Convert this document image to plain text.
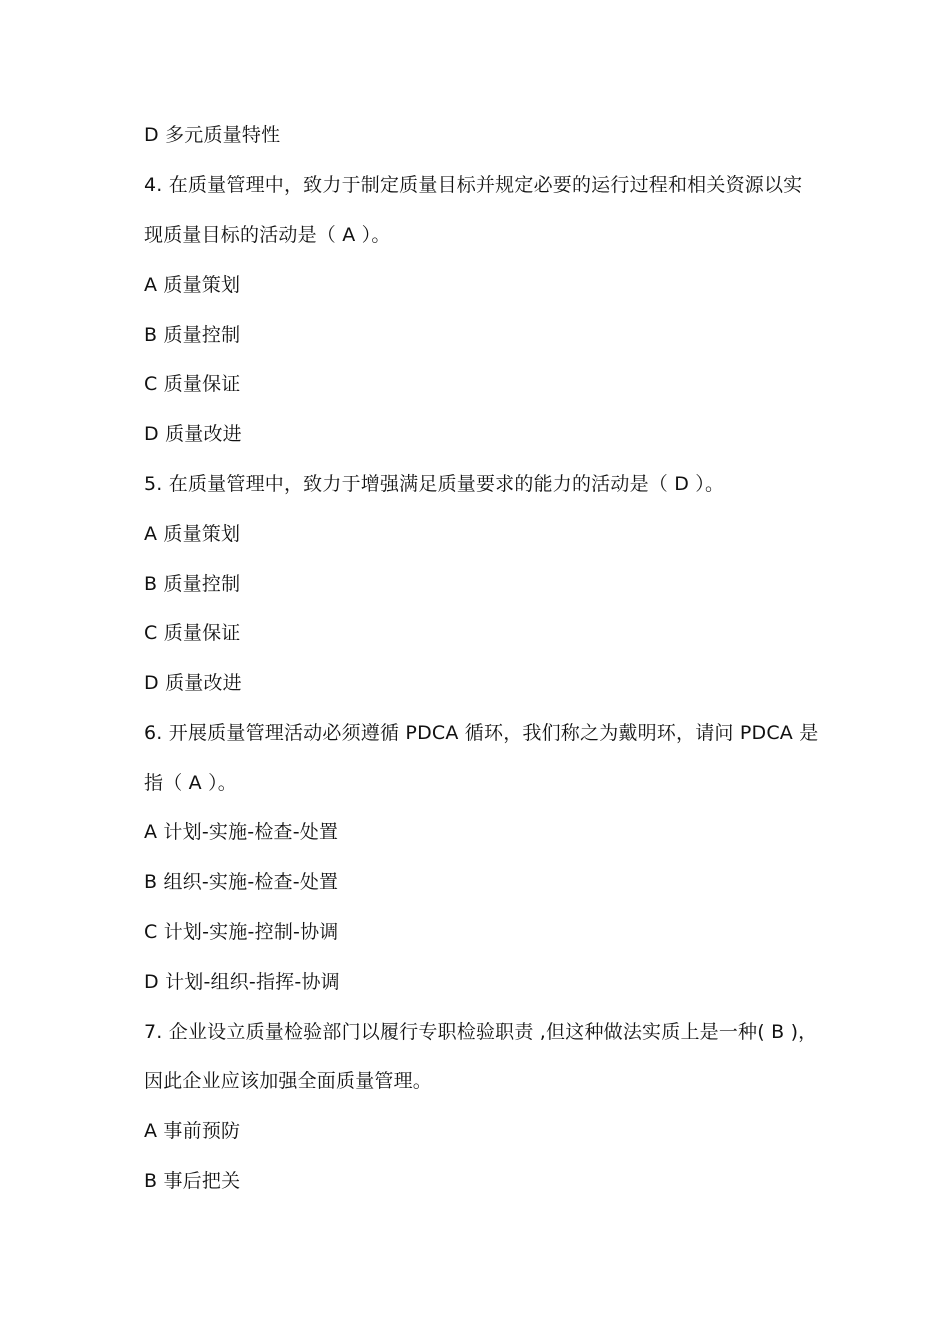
D 多元质量特性
4. 在质量管理中，致力于制定质量目标并规定必要的运行过程和相关资源以实
现质量目标的活动是（ A ）。
A 质量策划
B 质量控制
C 质量保证
D 质量改进
5. 在质量管理中，致力于增强满足质量要求的能力的活动是（ D ）。
A 质量策划
B 质量控制
C 质量保证
D 质量改进
6. 开展质量管理活动必须遵循 PDCA 循环，我们称之为戴明环，请问 PDCA 是
指（ A ）。
A 计划-实施-检查-处置
B 组织-实施-检查-处置
C 计划-实施-控制-协调
D 计划-组织-指挥-协调
7. 企业设立质量检验部门以履行专职检验职责 ,但这种做法实质上是一种( B )，
因此企业应该加强全面质量管理。
A 事前预防
B 事后把关
